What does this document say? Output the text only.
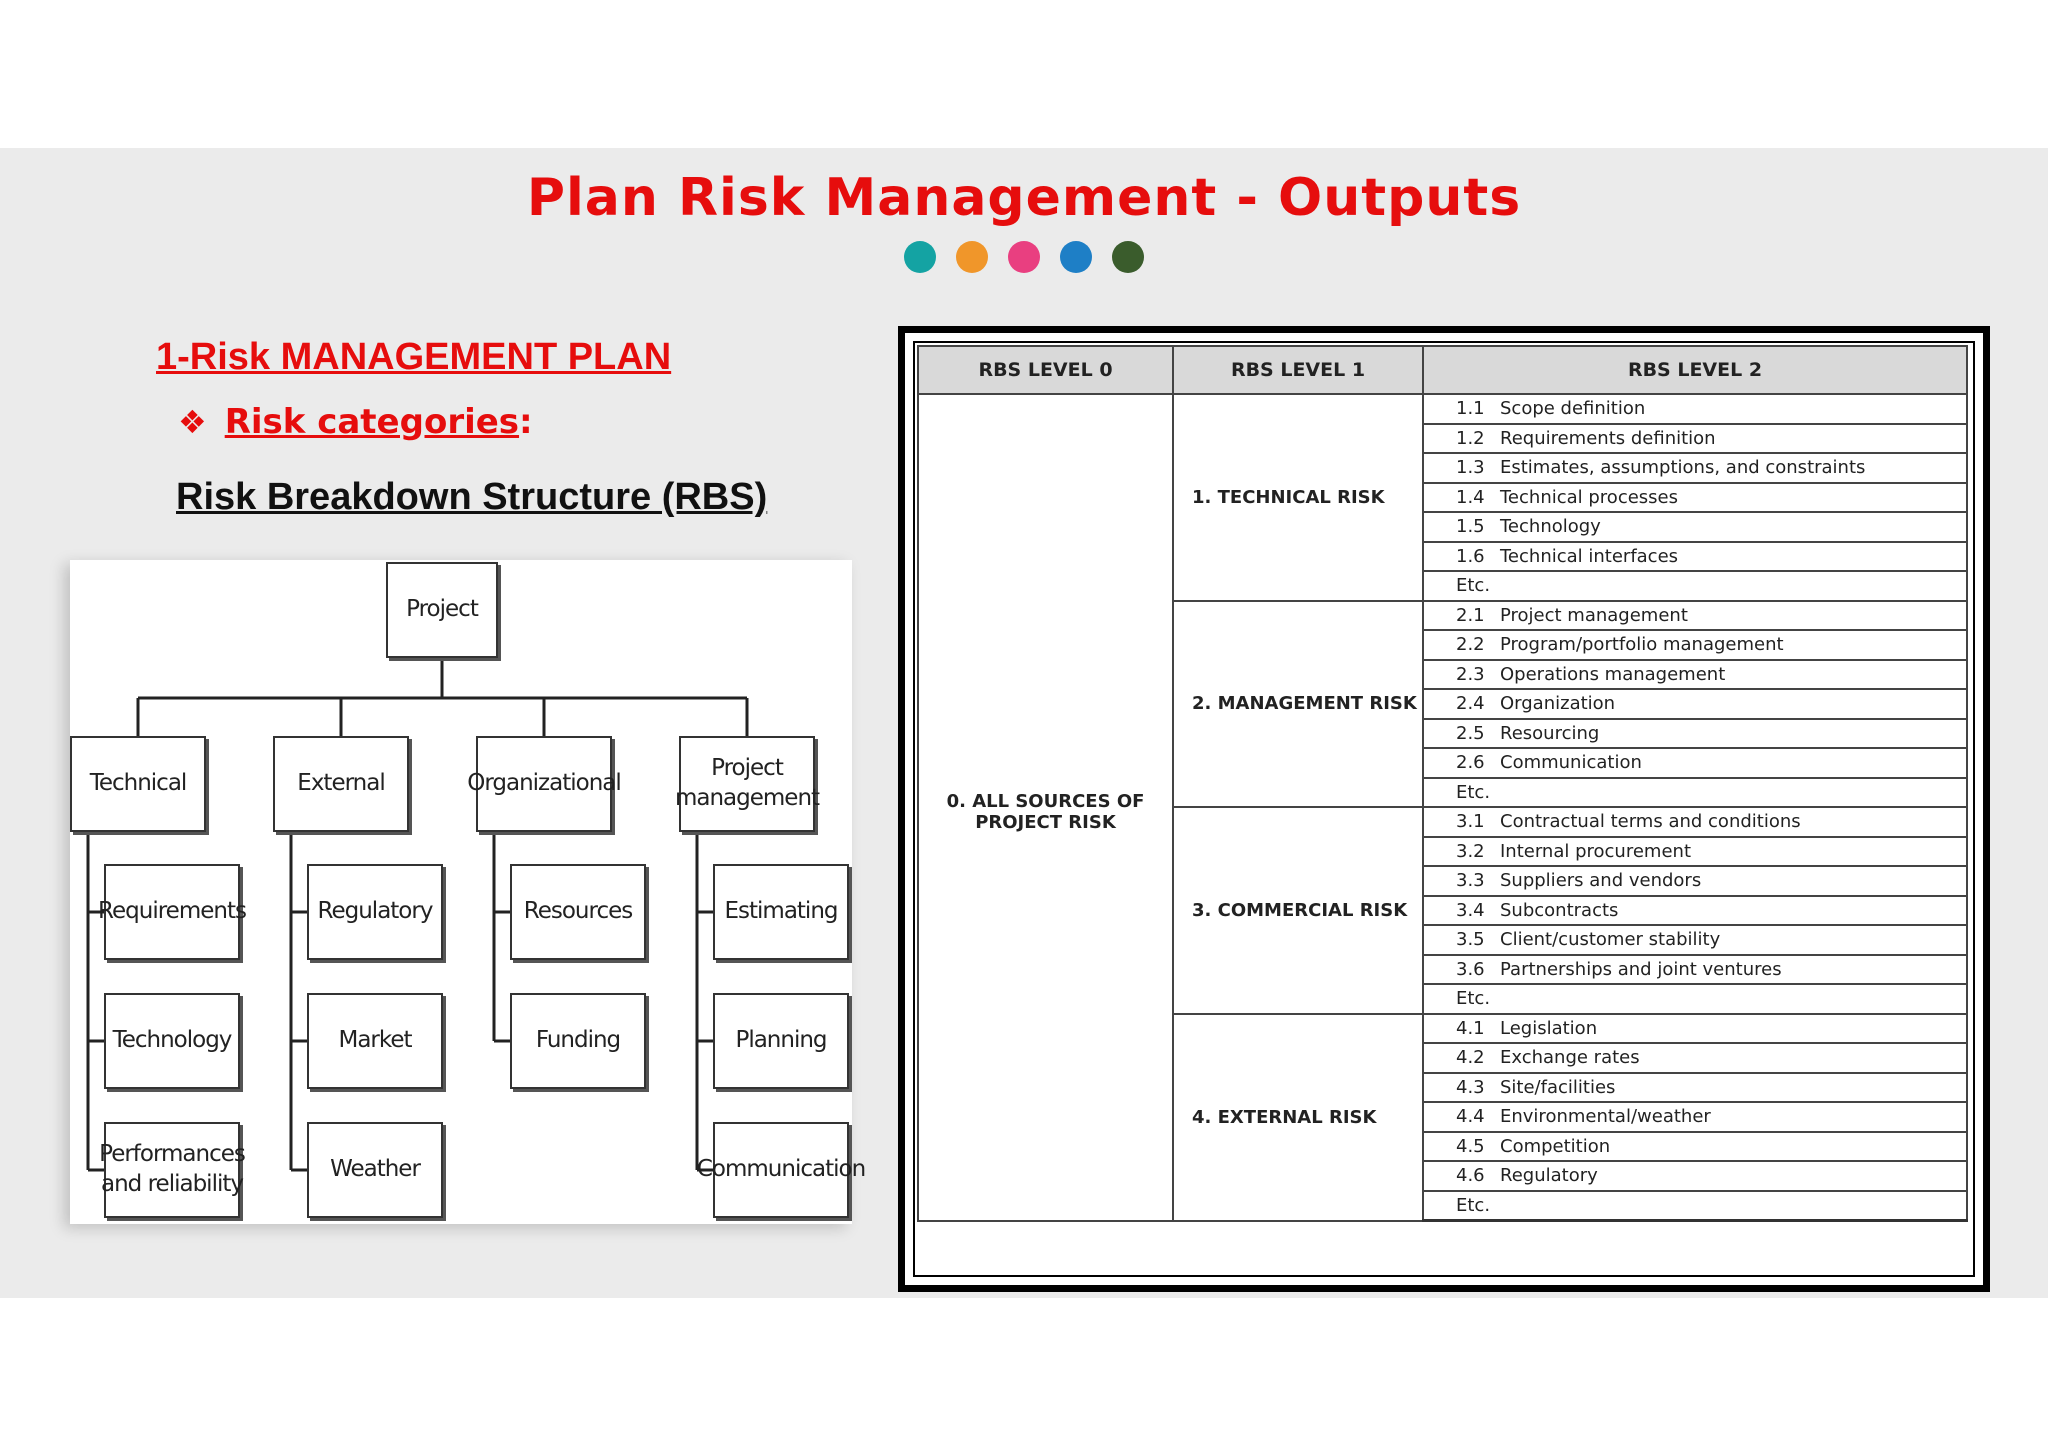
Plan Risk Management - Outputs
1-Risk MANAGEMENT PLAN
❖ Risk categories:
Risk Breakdown Structure (RBS)
Project
Technical
Requirements
Technology
Performances and reliability
External
Regulatory
Market
Weather
Organizational
Resources
Funding
Project management
Estimating
Planning
Communication
RBS LEVEL 0	RBS LEVEL 1	RBS LEVEL 2
0. ALL SOURCES OF PROJECT RISK	1. TECHNICAL RISK	1.1 Scope definition
		1.2 Requirements definition
		1.3 Estimates, assumptions, and constraints
		1.4 Technical processes
		1.5 Technology
		1.6 Technical interfaces
		Etc.
	2. MANAGEMENT RISK	2.1 Project management
		2.2 Program/portfolio management
		2.3 Operations management
		2.4 Organization
		2.5 Resourcing
		2.6 Communication
		Etc.
	3. COMMERCIAL RISK	3.1 Contractual terms and conditions
		3.2 Internal procurement
		3.3 Suppliers and vendors
		3.4 Subcontracts
		3.5 Client/customer stability
		3.6 Partnerships and joint ventures
		Etc.
	4. EXTERNAL RISK	4.1 Legislation
		4.2 Exchange rates
		4.3 Site/facilities
		4.4 Environmental/weather
		4.5 Competition
		4.6 Regulatory
		Etc.
